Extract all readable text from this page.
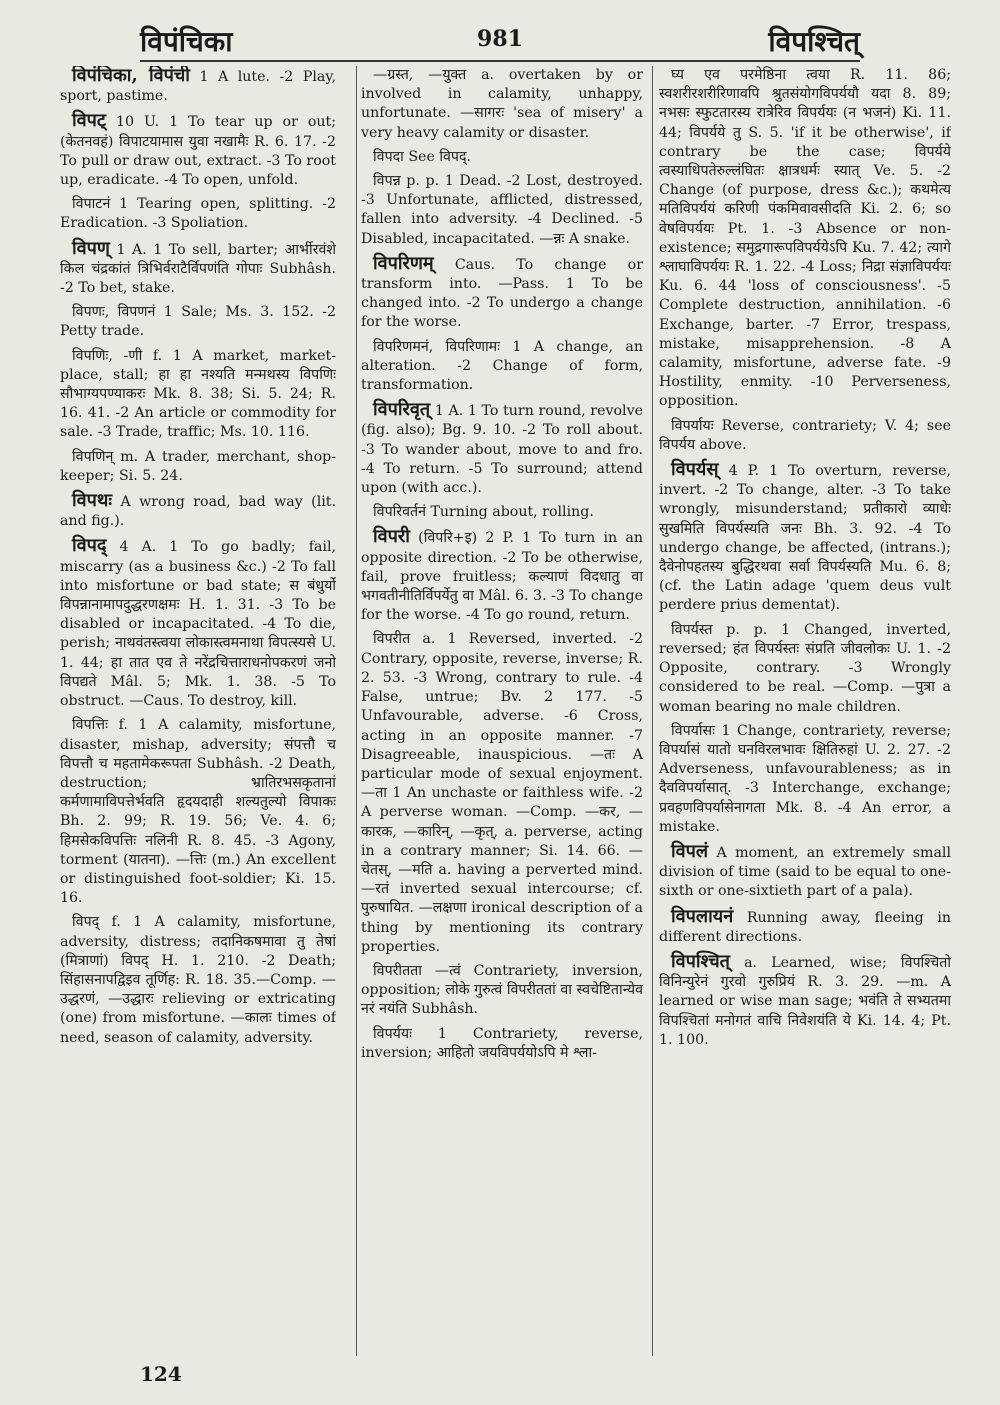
विपंचिका	981	विपश्चित्

विपंचिका, विपंची 1 A lute. -2 Play, sport, pastime.

विपट् 10 U. 1 To tear up or out; (केतनवहं) विपाटयामास युवा नखामैः R. 6. 17. -2 To pull or draw out, extract. -3 To root up, eradicate. -4 To open, unfold.

विपाटनं 1 Tearing open, splitting. -2 Eradication. -3 Spoliation.

विपण् 1 A. 1 To sell, barter; आर्भीरवंशे किल चंद्रकांतं त्रिभिर्वराटैर्विपणंति गोपाः Subhâsh. -2 To bet, stake.

विपणः, विपणनं 1 Sale; Ms. 3. 152. -2 Petty trade.

विपणिः, -णी f. 1 A market, market-place, stall; हा हा नश्यति मन्मथस्य विपणिः सौभाग्यपण्याकरः Mk. 8. 38; Si. 5. 24; R. 16. 41. -2 An article or commodity for sale. -3 Trade, traffic; Ms. 10. 116.

विपणिन् m. A trader, merchant, shop-keeper; Si. 5. 24.

विपथः A wrong road, bad way (lit. and fig.).

विपद् 4 A. 1 To go badly; fail, miscarry (as a business &c.) -2 To fall into misfortune or bad state; स बंधुर्यो विपन्नानामापदुद्धरणक्षमः H. 1. 31. -3 To be disabled or incapacitated. -4 To die, perish; नाथवंतस्त्वया लोकास्त्वमनाथा विपत्स्यसे U. 1. 44; हा तात एव ते नरेंद्रचित्ताराधनोपकरणं जनो विपद्यते Mâl. 5; Mk. 1. 38. -5 To obstruct. —Caus. To destroy, kill.

विपत्तिः f. 1 A calamity, misfortune, disaster, mishap, adversity; संपत्तौ च विपत्तौ च महतामेकरूपता Subhâsh. -2 Death, destruction; भ्रातिरभसकृतानां कर्मणामाविपत्तेर्भवति हृदयदाही शल्यतुल्यो विपाकः Bh. 2. 99; R. 19. 56; Ve. 4. 6; हिमसेकविपत्तिः नलिनी R. 8. 45. -3 Agony, torment (यातना). —त्तिः (m.) An excellent or distinguished foot-soldier; Ki. 15. 16.

विपद् f. 1 A calamity, misfortune, adversity, distress; तदानिकषमावा तु तेषां (मित्राणां) विपद् H. 1. 210. -2 Death; सिंहासनापद्विइव तूर्णिह: R. 18. 35.—Comp. —उद्धरणं, —उद्धारः relieving or extricating (one) from misfortune. —कालः times of need, season of calamity, adversity.

—ग्रस्त, —युक्त a. overtaken by or involved in calamity, unhappy, unfortunate. —सागरः 'sea of misery' a very heavy calamity or disaster.

विपदा See विपद्.

विपन्न p. p. 1 Dead. -2 Lost, destroyed. -3 Unfortunate, afflicted, distressed, fallen into adversity. -4 Declined. -5 Disabled, incapacitated. —न्नः A snake.

विपरिणम् Caus. To change or transform into. —Pass. 1 To be changed into. -2 To undergo a change for the worse.

विपरिणमनं, विपरिणामः 1 A change, an alteration. -2 Change of form, transformation.

विपरिवृत् 1 A. 1 To turn round, revolve (fig. also); Bg. 9. 10. -2 To roll about. -3 To wander about, move to and fro. -4 To return. -5 To surround; attend upon (with acc.).

विपरिवर्तनं Turning about, rolling.

विपरी (विपरि+इ) 2 P. 1 To turn in an opposite direction. -2 To be otherwise, fail, prove fruitless; कल्याणं विदधातु वा भगवतीनीतिर्विपर्येतु वा Mâl. 6. 3. -3 To change for the worse. -4 To go round, return.

विपरीत a. 1 Reversed, inverted. -2 Contrary, opposite, reverse, inverse; R. 2. 53. -3 Wrong, contrary to rule. -4 False, untrue; Bv. 2 177. -5 Unfavourable, adverse. -6 Cross, acting in an opposite manner. -7 Disagreeable, inauspicious. —तः A particular mode of sexual enjoyment. —ता 1 An unchaste or faithless wife. -2 A perverse woman. —Comp. —कर, —कारक, —कारिन्, —कृत्, a. perverse, acting in a contrary manner; Si. 14. 66. —चेतस्, —मति a. having a perverted mind. —रतं inverted sexual intercourse; cf. पुरुषायित. —लक्षणा ironical description of a thing by mentioning its contrary properties.

विपरीतता —त्वं Contrariety, inversion, opposition; लोके गुरुत्वं विपरीततां वा स्वचेष्टितान्येव नरं नयंति Subhâsh.

विपर्ययः 1 Contrariety, reverse, inversion; आहितो जयविपर्ययोऽपि मे श्ला-

घ्य एव परमेष्ठिना त्वया R. 11. 86; स्वशरीरशरीरिणावपि श्रुतसंयोगविपर्ययौ यदा 8. 89; नभसः स्फुटतारस्य रात्रेरिव विपर्ययः (न भजनं) Ki. 11. 44; विपर्यये तु S. 5. 'if it be otherwise', if contrary be the case; विपर्यये त्वस्याधिपतेरुल्लंघितः क्षात्रधर्मः स्यात् Ve. 5. -2 Change (of purpose, dress &c.); कथमेत्य मतिविपर्ययं करिणी पंकमिवावसीदति Ki. 2. 6; so वेषविपर्ययः Pt. 1. -3 Absence or non-existence; समुद्रगारूपविपर्ययेऽपि Ku. 7. 42; त्यागे श्लाघाविपर्ययः R. 1. 22. -4 Loss; निद्रा संज्ञाविपर्ययः Ku. 6. 44 'loss of consciousness'. -5 Complete destruction, annihilation. -6 Exchange, barter. -7 Error, trespass, mistake, misapprehension. -8 A calamity, misfortune, adverse fate. -9 Hostility, enmity. -10 Perverseness, opposition.

विपर्यायः Reverse, contrariety; V. 4; see विपर्यय above.

विपर्यस् 4 P. 1 To overturn, reverse, invert. -2 To change, alter. -3 To take wrongly, misunderstand; प्रतीकारो व्याधेः सुखमिति विपर्यस्यति जनः Bh. 3. 92. -4 To undergo change, be affected, (intrans.); दैवेनोपहतस्य बुद्धिरथवा सर्वा विपर्यस्यति Mu. 6. 8; (cf. the Latin adage 'quem deus vult perdere prius dementat).

विपर्यस्त p. p. 1 Changed, inverted, reversed; हंत विपर्यस्तः संप्रति जीवलोकः U. 1. -2 Opposite, contrary. -3 Wrongly considered to be real. —Comp. —पुत्रा a woman bearing no male children.

विपर्यासः 1 Change, contrariety, reverse; विपर्यासं यातो घनविरलभावः क्षितिरुहां U. 2. 27. -2 Adverseness, unfavourableness; as in दैवविपर्यासात्. -3 Interchange, exchange; प्रवहणविपर्यासेनागता Mk. 8. -4 An error, a mistake.

विपलं A moment, an extremely small division of time (said to be equal to one-sixth or one-sixtieth part of a pala).

विपलायनं Running away, fleeing in different directions.

विपश्चित् a. Learned, wise; विपश्चितो विनिन्युरेनं गुरवो गुरुप्रियं R. 3. 29. —m. A learned or wise man sage; भवंति ते सभ्यतमा विपश्चितां मनोगतं वाचि निवेशयंति ये Ki. 14. 4; Pt. 1. 100.

124
